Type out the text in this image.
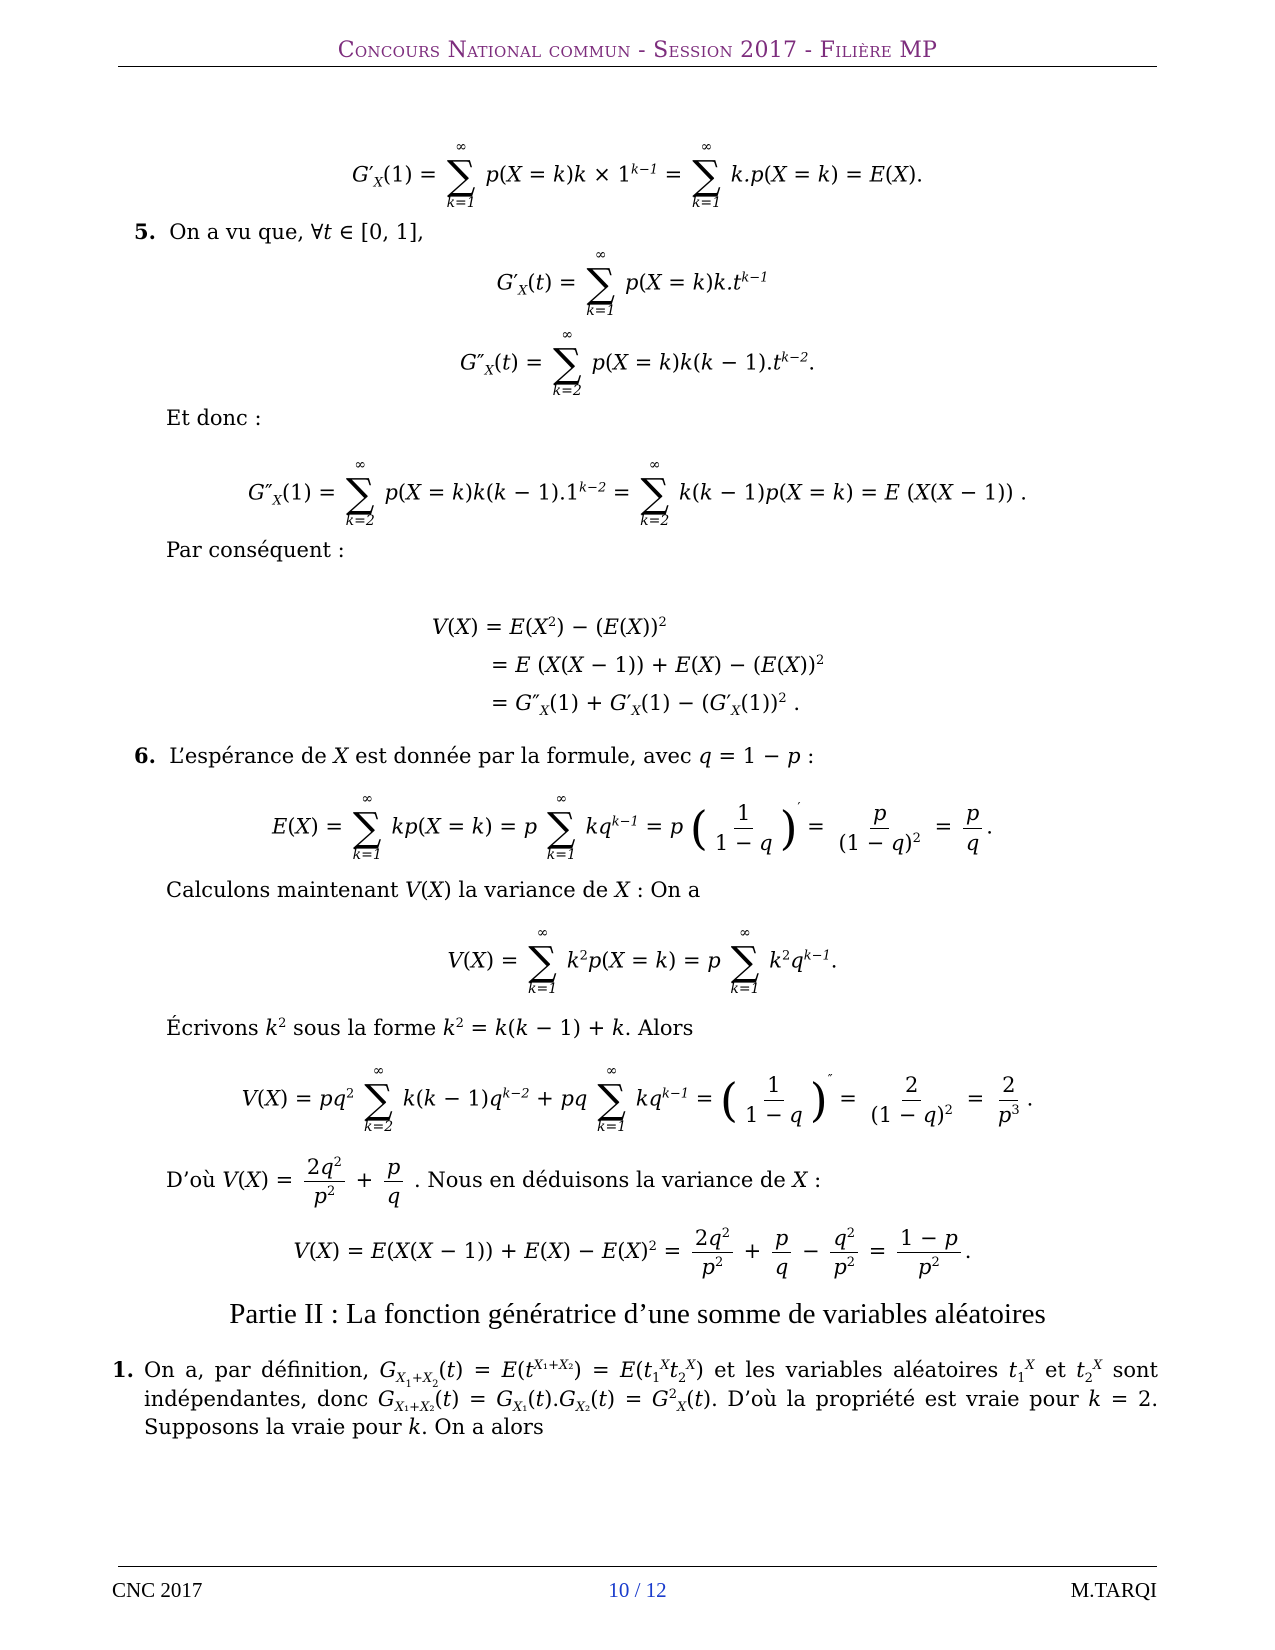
Concours National commun - Session 2017 - Filière MP
$G'_X(1)$ =
∞
∑
k=1
$p(X = k)k \times 1^{k-1}$ =
∞
∑
k=1
k.p(X = k) = E(X).
5. On a vu que, ∀t ∈ [0, 1],
$G'_X(t)$ =
∞
∑
k=1
$p(X = k)k.t^{k-1}$
$G''_X(t)$ =
∞
∑
k=2
$p(X = k)k(k - 1).t^{k-2}$.
Et donc :
$G''_X(1)$ =
∞
∑
k=2
$p(X = k)k(k - 1).1^{k-2}$ =
∞
∑
k=2
k(k − 1)p(X = k) = E (X(X − 1)) .
Par conséquent :
$V(X) = E(X^2) - (E(X))^2$
= E $(X(X - 1)) + E(X) - (E(X))^2$
= $G''_X(1) + G'_X(1) - (G'_X(1))^2$ .
6. L’espérance de X est donnée par la formule, avec q = 1 − p :
E(X) =
∞
∑
k=1
kp(X = k) = p
∞
∑
k=1
$kq^{k-1} = p$ ( $\frac{1}{1 - q} )' = \frac{p}{(1 - q)^2} = \frac{p}{q}$ .
Calculons maintenant V(X) la variance de X : On a
V(X) =
∞
∑
k=1
$k^2p(X = k) = p$
∞
∑
k=1
$k^2q^{k-1}$.
Écrivons $k^2$ sous la forme $k^2 = k(k - 1) + k$. Alors
$V(X) = pq^2$
∞
∑
k=2
$k(k - 1)q^{k-2}$ + pq
∞
∑
k=1
$kq^{k-1}$ = ( $\frac{1}{1 - q} )'' = \frac{2}{(1 - q)^2} = \frac{2}{p^3}$ .
D’où $V(X) = \frac{2q^2}{p^2} + \frac{p}{q}$ . Nous en déduisons la variance de X :
$V(X) = E(X(X - 1)) + E(X) - E(X)^2 = \frac{2q^2}{p^2} + \frac{p}{q} - \frac{q^2}{p^2} = \frac{1 - p}{p^2}$ .
Partie II : La fonction génératrice d’une somme de variables aléatoires
1. On a, par définition, $G_{X_1+X_2}(t) = E(t^{X_1+X_2}) = E(t_1^Xt_2^X)$ et les variables aléatoires $t_1^X$ et $t_2^X$ sont indépendantes, donc $G_{X_1+X_2}(t) = G_{X_1}(t).G_{X_2}(t) = G^2_X(t)$. D’où la propriété est vraie pour k = 2. Supposons la vraie pour k. On a alors
CNC 2017	10 / 12	M.TARQI
